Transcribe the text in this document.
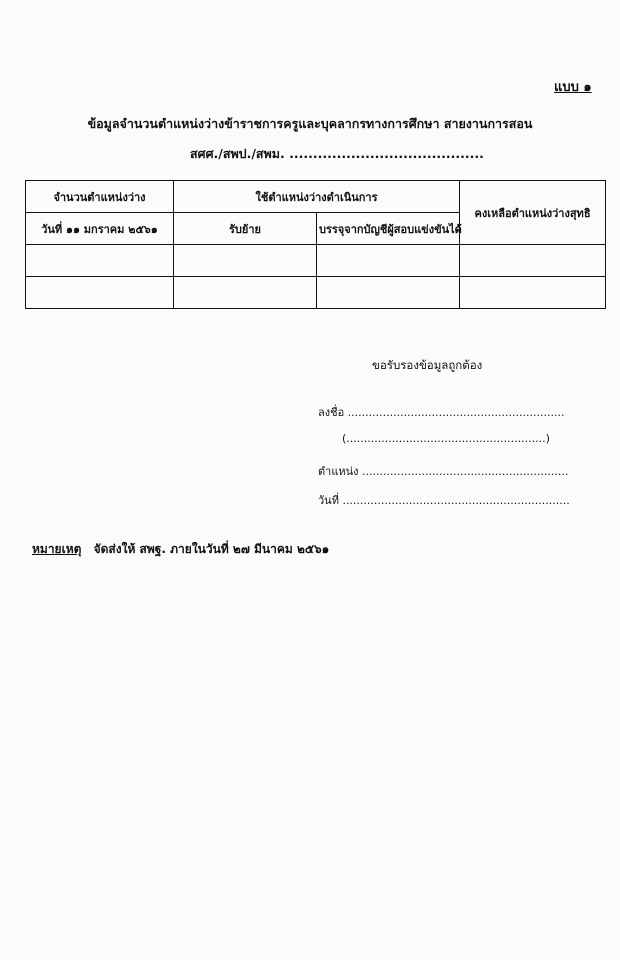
แบบ ๑
ข้อมูลจำนวนตำแหน่งว่างข้าราชการครูและบุคลากรทางการศึกษา สายงานการสอน
สศศ./สพป./สพม. .........................................
จำนวนตำแหน่งว่าง	ใช้ตำแหน่งว่างดำเนินการ		คงเหลือตำแหน่งว่างสุทธิ
วันที่ ๑๑ มกราคม ๒๕๖๑	รับย้าย	บรรจุจากบัญชีผู้สอบแข่งขันได้	

ขอรับรองข้อมูลถูกต้อง
ลงชื่อ ..............................................................
(.........................................................)
ตำแหน่ง ...........................................................
วันที่ .................................................................
หมายเหตุ จัดส่งให้ สพฐ. ภายในวันที่ ๒๗ มีนาคม ๒๕๖๑
